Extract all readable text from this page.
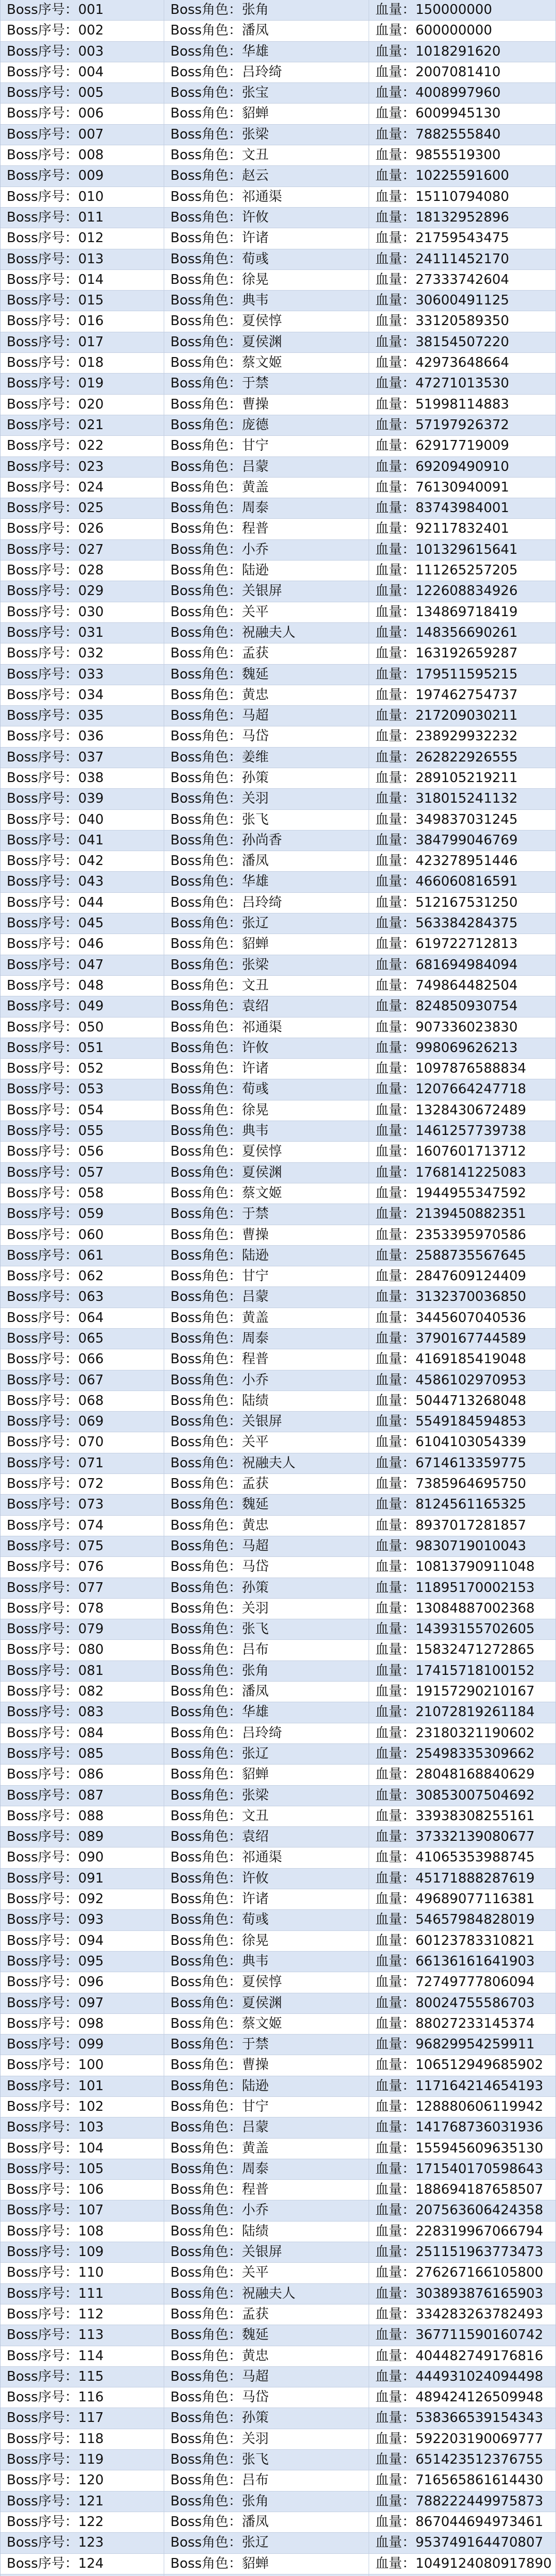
Boss序号：001	Boss角色：张角	血量：150000000
Boss序号：002	Boss角色：潘凤	血量：600000000
Boss序号：003	Boss角色：华雄	血量：1018291620
Boss序号：004	Boss角色：吕玲绮	血量：2007081410
Boss序号：005	Boss角色：张宝	血量：4008997960
Boss序号：006	Boss角色：貂蝉	血量：6009945130
Boss序号：007	Boss角色：张梁	血量：7882555840
Boss序号：008	Boss角色：文丑	血量：9855519300
Boss序号：009	Boss角色：赵云	血量：10225591600
Boss序号：010	Boss角色：祁通渠	血量：15110794080
Boss序号：011	Boss角色：许攸	血量：18132952896
Boss序号：012	Boss角色：许诸	血量：21759543475
Boss序号：013	Boss角色：荀彧	血量：24111452170
Boss序号：014	Boss角色：徐晃	血量：27333742604
Boss序号：015	Boss角色：典韦	血量：30600491125
Boss序号：016	Boss角色：夏侯惇	血量：33120589350
Boss序号：017	Boss角色：夏侯渊	血量：38154507220
Boss序号：018	Boss角色：蔡文姬	血量：42973648664
Boss序号：019	Boss角色：于禁	血量：47271013530
Boss序号：020	Boss角色：曹操	血量：51998114883
Boss序号：021	Boss角色：庞德	血量：57197926372
Boss序号：022	Boss角色：甘宁	血量：62917719009
Boss序号：023	Boss角色：吕蒙	血量：69209490910
Boss序号：024	Boss角色：黄盖	血量：76130940091
Boss序号：025	Boss角色：周泰	血量：83743984001
Boss序号：026	Boss角色：程普	血量：92117832401
Boss序号：027	Boss角色：小乔	血量：101329615641
Boss序号：028	Boss角色：陆逊	血量：111265257205
Boss序号：029	Boss角色：关银屏	血量：122608834926
Boss序号：030	Boss角色：关平	血量：134869718419
Boss序号：031	Boss角色：祝融夫人	血量：148356690261
Boss序号：032	Boss角色：孟获	血量：163192659287
Boss序号：033	Boss角色：魏延	血量：179511595215
Boss序号：034	Boss角色：黄忠	血量：197462754737
Boss序号：035	Boss角色：马超	血量：217209030211
Boss序号：036	Boss角色：马岱	血量：238929932232
Boss序号：037	Boss角色：姜维	血量：262822926555
Boss序号：038	Boss角色：孙策	血量：289105219211
Boss序号：039	Boss角色：关羽	血量：318015241132
Boss序号：040	Boss角色：张飞	血量：349837031245
Boss序号：041	Boss角色：孙尚香	血量：384799046769
Boss序号：042	Boss角色：潘凤	血量：423278951446
Boss序号：043	Boss角色：华雄	血量：466060816591
Boss序号：044	Boss角色：吕玲绮	血量：512167531250
Boss序号：045	Boss角色：张辽	血量：563384284375
Boss序号：046	Boss角色：貂蝉	血量：619722712813
Boss序号：047	Boss角色：张梁	血量：681694984094
Boss序号：048	Boss角色：文丑	血量：749864482504
Boss序号：049	Boss角色：袁绍	血量：824850930754
Boss序号：050	Boss角色：祁通渠	血量：907336023830
Boss序号：051	Boss角色：许攸	血量：998069626213
Boss序号：052	Boss角色：许诸	血量：1097876588834
Boss序号：053	Boss角色：荀彧	血量：1207664247718
Boss序号：054	Boss角色：徐晃	血量：1328430672489
Boss序号：055	Boss角色：典韦	血量：1461257739738
Boss序号：056	Boss角色：夏侯惇	血量：1607601713712
Boss序号：057	Boss角色：夏侯渊	血量：1768141225083
Boss序号：058	Boss角色：蔡文姬	血量：1944955347592
Boss序号：059	Boss角色：于禁	血量：2139450882351
Boss序号：060	Boss角色：曹操	血量：2353395970586
Boss序号：061	Boss角色：陆逊	血量：2588735567645
Boss序号：062	Boss角色：甘宁	血量：2847609124409
Boss序号：063	Boss角色：吕蒙	血量：3132370036850
Boss序号：064	Boss角色：黄盖	血量：3445607040536
Boss序号：065	Boss角色：周泰	血量：3790167744589
Boss序号：066	Boss角色：程普	血量：4169185419048
Boss序号：067	Boss角色：小乔	血量：4586102970953
Boss序号：068	Boss角色：陆绩	血量：5044713268048
Boss序号：069	Boss角色：关银屏	血量：5549184594853
Boss序号：070	Boss角色：关平	血量：6104103054339
Boss序号：071	Boss角色：祝融夫人	血量：6714613359775
Boss序号：072	Boss角色：孟获	血量：7385964695750
Boss序号：073	Boss角色：魏延	血量：8124561165325
Boss序号：074	Boss角色：黄忠	血量：8937017281857
Boss序号：075	Boss角色：马超	血量：9830719010043
Boss序号：076	Boss角色：马岱	血量：10813790911048
Boss序号：077	Boss角色：孙策	血量：11895170002153
Boss序号：078	Boss角色：关羽	血量：13084887002368
Boss序号：079	Boss角色：张飞	血量：14393155702605
Boss序号：080	Boss角色：吕布	血量：15832471272865
Boss序号：081	Boss角色：张角	血量：17415718100152
Boss序号：082	Boss角色：潘凤	血量：19157290210167
Boss序号：083	Boss角色：华雄	血量：21072819261184
Boss序号：084	Boss角色：吕玲绮	血量：23180321190602
Boss序号：085	Boss角色：张辽	血量：25498335309662
Boss序号：086	Boss角色：貂蝉	血量：28048168840629
Boss序号：087	Boss角色：张梁	血量：30853007504692
Boss序号：088	Boss角色：文丑	血量：33938308255161
Boss序号：089	Boss角色：袁绍	血量：37332139080677
Boss序号：090	Boss角色：祁通渠	血量：41065353988745
Boss序号：091	Boss角色：许攸	血量：45171888287619
Boss序号：092	Boss角色：许诸	血量：49689077116381
Boss序号：093	Boss角色：荀彧	血量：54657984828019
Boss序号：094	Boss角色：徐晃	血量：60123783310821
Boss序号：095	Boss角色：典韦	血量：66136161641903
Boss序号：096	Boss角色：夏侯惇	血量：72749777806094
Boss序号：097	Boss角色：夏侯渊	血量：80024755586703
Boss序号：098	Boss角色：蔡文姬	血量：88027233145374
Boss序号：099	Boss角色：于禁	血量：96829954259911
Boss序号：100	Boss角色：曹操	血量：106512949685902
Boss序号：101	Boss角色：陆逊	血量：117164214654193
Boss序号：102	Boss角色：甘宁	血量：128880606119942
Boss序号：103	Boss角色：吕蒙	血量：141768736031936
Boss序号：104	Boss角色：黄盖	血量：155945609635130
Boss序号：105	Boss角色：周泰	血量：171540170598643
Boss序号：106	Boss角色：程普	血量：188694187658507
Boss序号：107	Boss角色：小乔	血量：207563606424358
Boss序号：108	Boss角色：陆绩	血量：228319967066794
Boss序号：109	Boss角色：关银屏	血量：251151963773473
Boss序号：110	Boss角色：关平	血量：276267166105800
Boss序号：111	Boss角色：祝融夫人	血量：303893876165903
Boss序号：112	Boss角色：孟获	血量：334283263782493
Boss序号：113	Boss角色：魏延	血量：367711590160742
Boss序号：114	Boss角色：黄忠	血量：404482749176816
Boss序号：115	Boss角色：马超	血量：444931024094498
Boss序号：116	Boss角色：马岱	血量：489424126509948
Boss序号：117	Boss角色：孙策	血量：538366539154343
Boss序号：118	Boss角色：关羽	血量：592203190069777
Boss序号：119	Boss角色：张飞	血量：651423512376755
Boss序号：120	Boss角色：吕布	血量：716565861614430
Boss序号：121	Boss角色：张角	血量：788222449975873
Boss序号：122	Boss角色：潘凤	血量：867044694973461
Boss序号：123	Boss角色：张辽	血量：953749164470807
Boss序号：124	Boss角色：貂蝉	血量：1049124080917890
